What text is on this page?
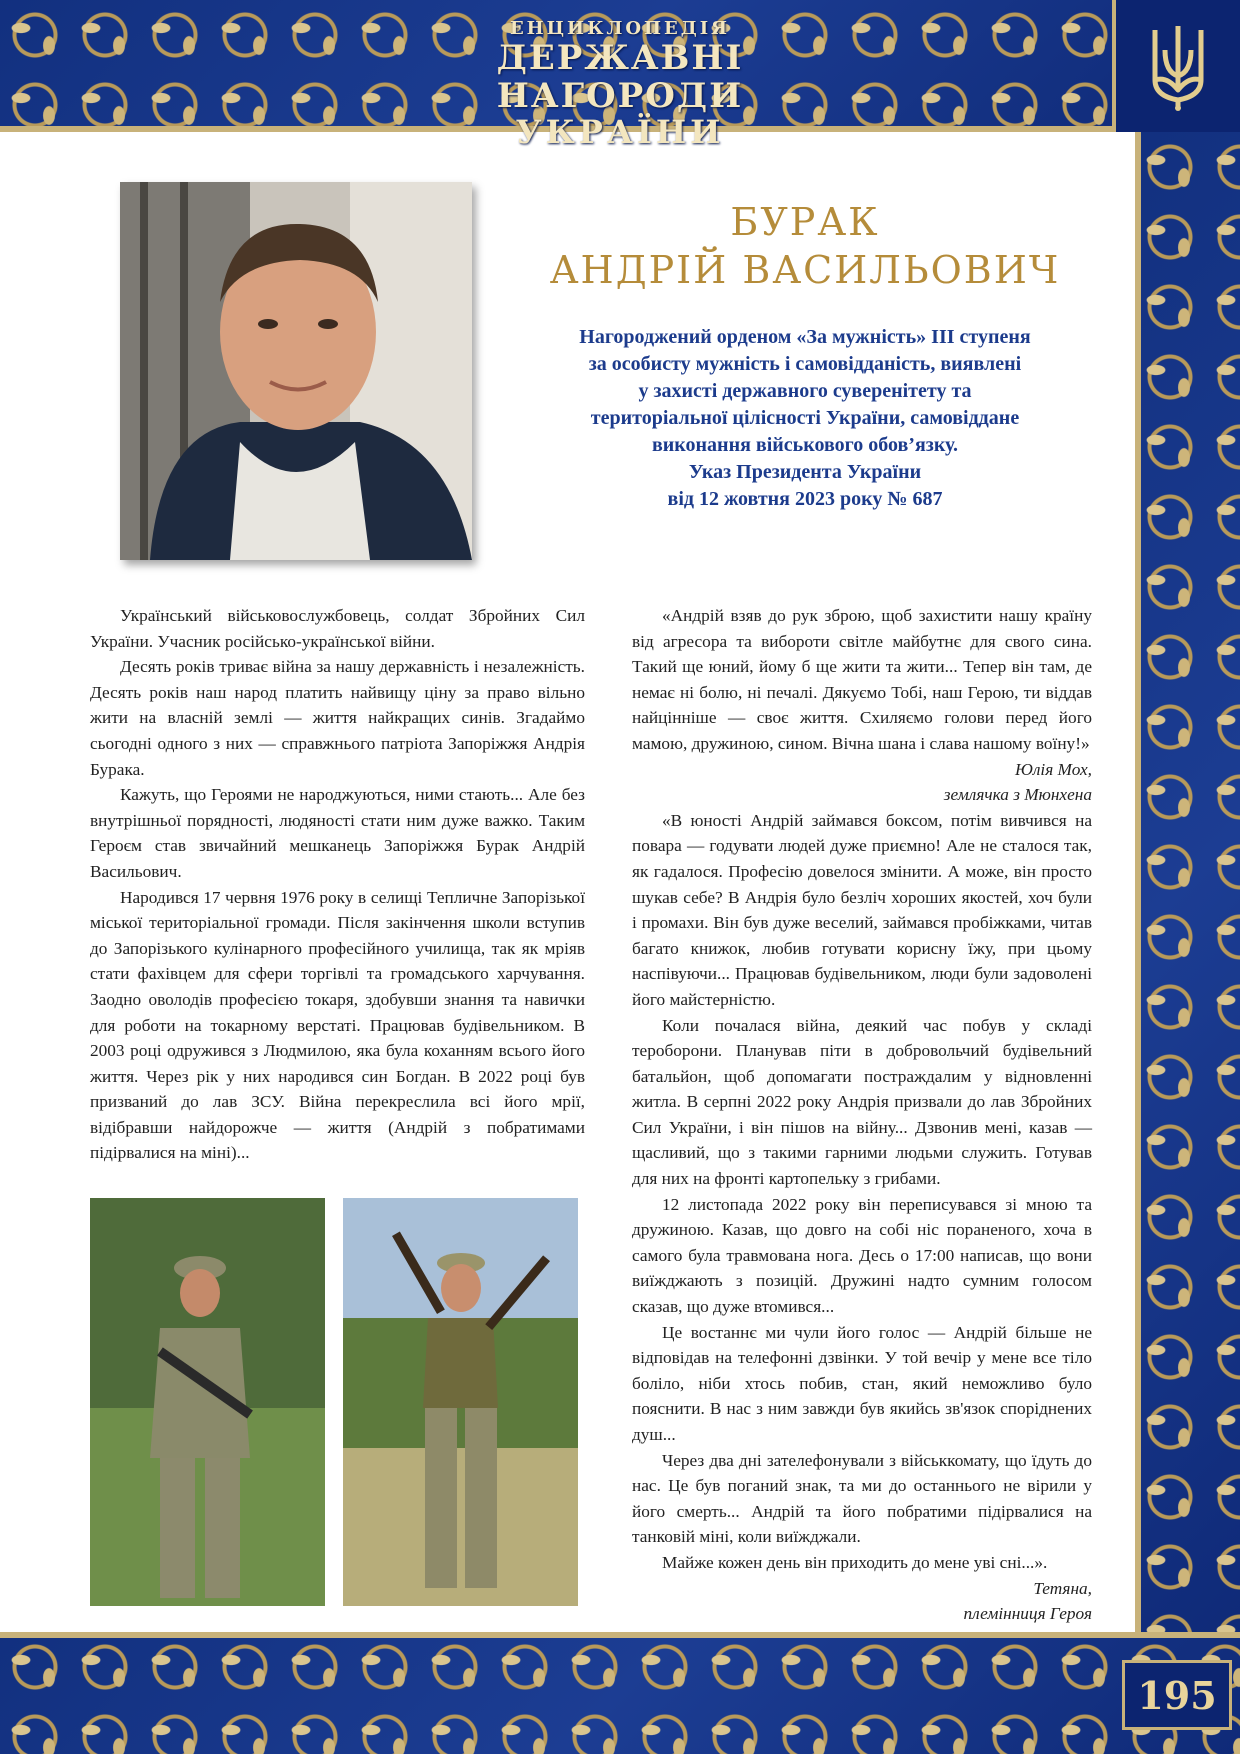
ЕНЦИКЛОПЕДІЯ
ДЕРЖАВНІ НАГОРОДИ
УКРАЇНИ
195
БУРАК
АНДРІЙ ВАСИЛЬОВИЧ
Нагороджений орденом «За мужність» III ступеня
за особисту мужність і самовідданість, виявлені
у захисті державного суверенітету та
територіальної цілісності України, самовіддане
виконання військового обов’язку.
Указ Президента України
від 12 жовтня 2023 року № 687

Український військовослужбовець, солдат Збройних Сил України. Учасник російсько-української війни.

Десять років триває війна за нашу державність і незалежність. Десять років наш народ платить найвищу ціну за право вільно жити на власній землі — життя найкращих синів. Згадаймо сьогодні одного з них — справжнього патріота Запоріжжя Андрія Бурака.

Кажуть, що Героями не народжуються, ними стають... Але без внутрішньої порядності, людяності стати ним дуже важко. Таким Героєм став звичайний мешканець Запоріжжя Бурак Андрій Васильович.

Народився 17 червня 1976 року в селищі Тепличне Запорізької міської територіальної громади. Після закінчення школи вступив до Запорізького кулінарного професійного училища, так як мріяв стати фахівцем для сфери торгівлі та громадського харчування. Заодно оволодів професією токаря, здобувши знання та навички для роботи на токарному верстаті. Працював будівельником. В 2003 році одружився з Людмилою, яка була коханням всього його життя. Через рік у них народився син Богдан. В 2022 році був призваний до лав ЗСУ. Війна перекреслила всі його мрії, відібравши найдорожче — життя (Андрій з побратимами підірвалися на міні)...

«Андрій взяв до рук зброю, щоб захистити нашу країну від агресора та вибороти світле майбутнє для свого сина. Такий ще юний, йому б ще жити та жити... Тепер він там, де немає ні болю, ні печалі. Дякуємо Тобі, наш Герою, ти віддав найцінніше — своє життя. Схиляємо голови перед його мамою, дружиною, сином. Вічна шана і слава нашому воїну!»

Юлія Мох,

землячка з Мюнхена

«В юності Андрій займався боксом, потім вивчився на повара — годувати людей дуже приємно! Але не сталося так, як гадалося. Професію довелося змінити. А може, він просто шукав себе? В Андрія було безліч хороших якостей, хоч були і промахи. Він був дуже веселий, займався пробіжками, читав багато книжок, любив готувати корисну їжу, при цьому наспівуючи... Працював будівельником, люди були задоволені його майстерністю.

Коли почалася війна, деякий час побув у складі тероборони. Планував піти в добровольчий будівельний батальйон, щоб допомагати постраждалим у відновленні житла. В серпні 2022 року Андрія призвали до лав Збройних Сил України, і він пішов на війну... Дзвонив мені, казав — щасливий, що з такими гарними людьми служить. Готував для них на фронті картопельку з грибами.

12 листопада 2022 року він переписувався зі мною та дружиною. Казав, що довго на собі ніс пораненого, хоча в самого була травмована нога. Десь о 17:00 написав, що вони виїжджають з позицій. Дружині надто сумним голосом сказав, що дуже втомився...

Це востаннє ми чули його голос — Андрій більше не відповідав на телефонні дзвінки. У той вечір у мене все тіло боліло, ніби хтось побив, стан, який неможливо було пояснити. В нас з ним завжди був якийсь зв'язок споріднених душ...

Через два дні зателефонували з військкомату, що їдуть до нас. Це був поганий знак, та ми до останнього не вірили у його смерть... Андрій та його побратими підірвалися на танковій міні, коли виїжджали.

Майже кожен день він приходить до мене уві сні...».

Тетяна,

племінниця Героя
